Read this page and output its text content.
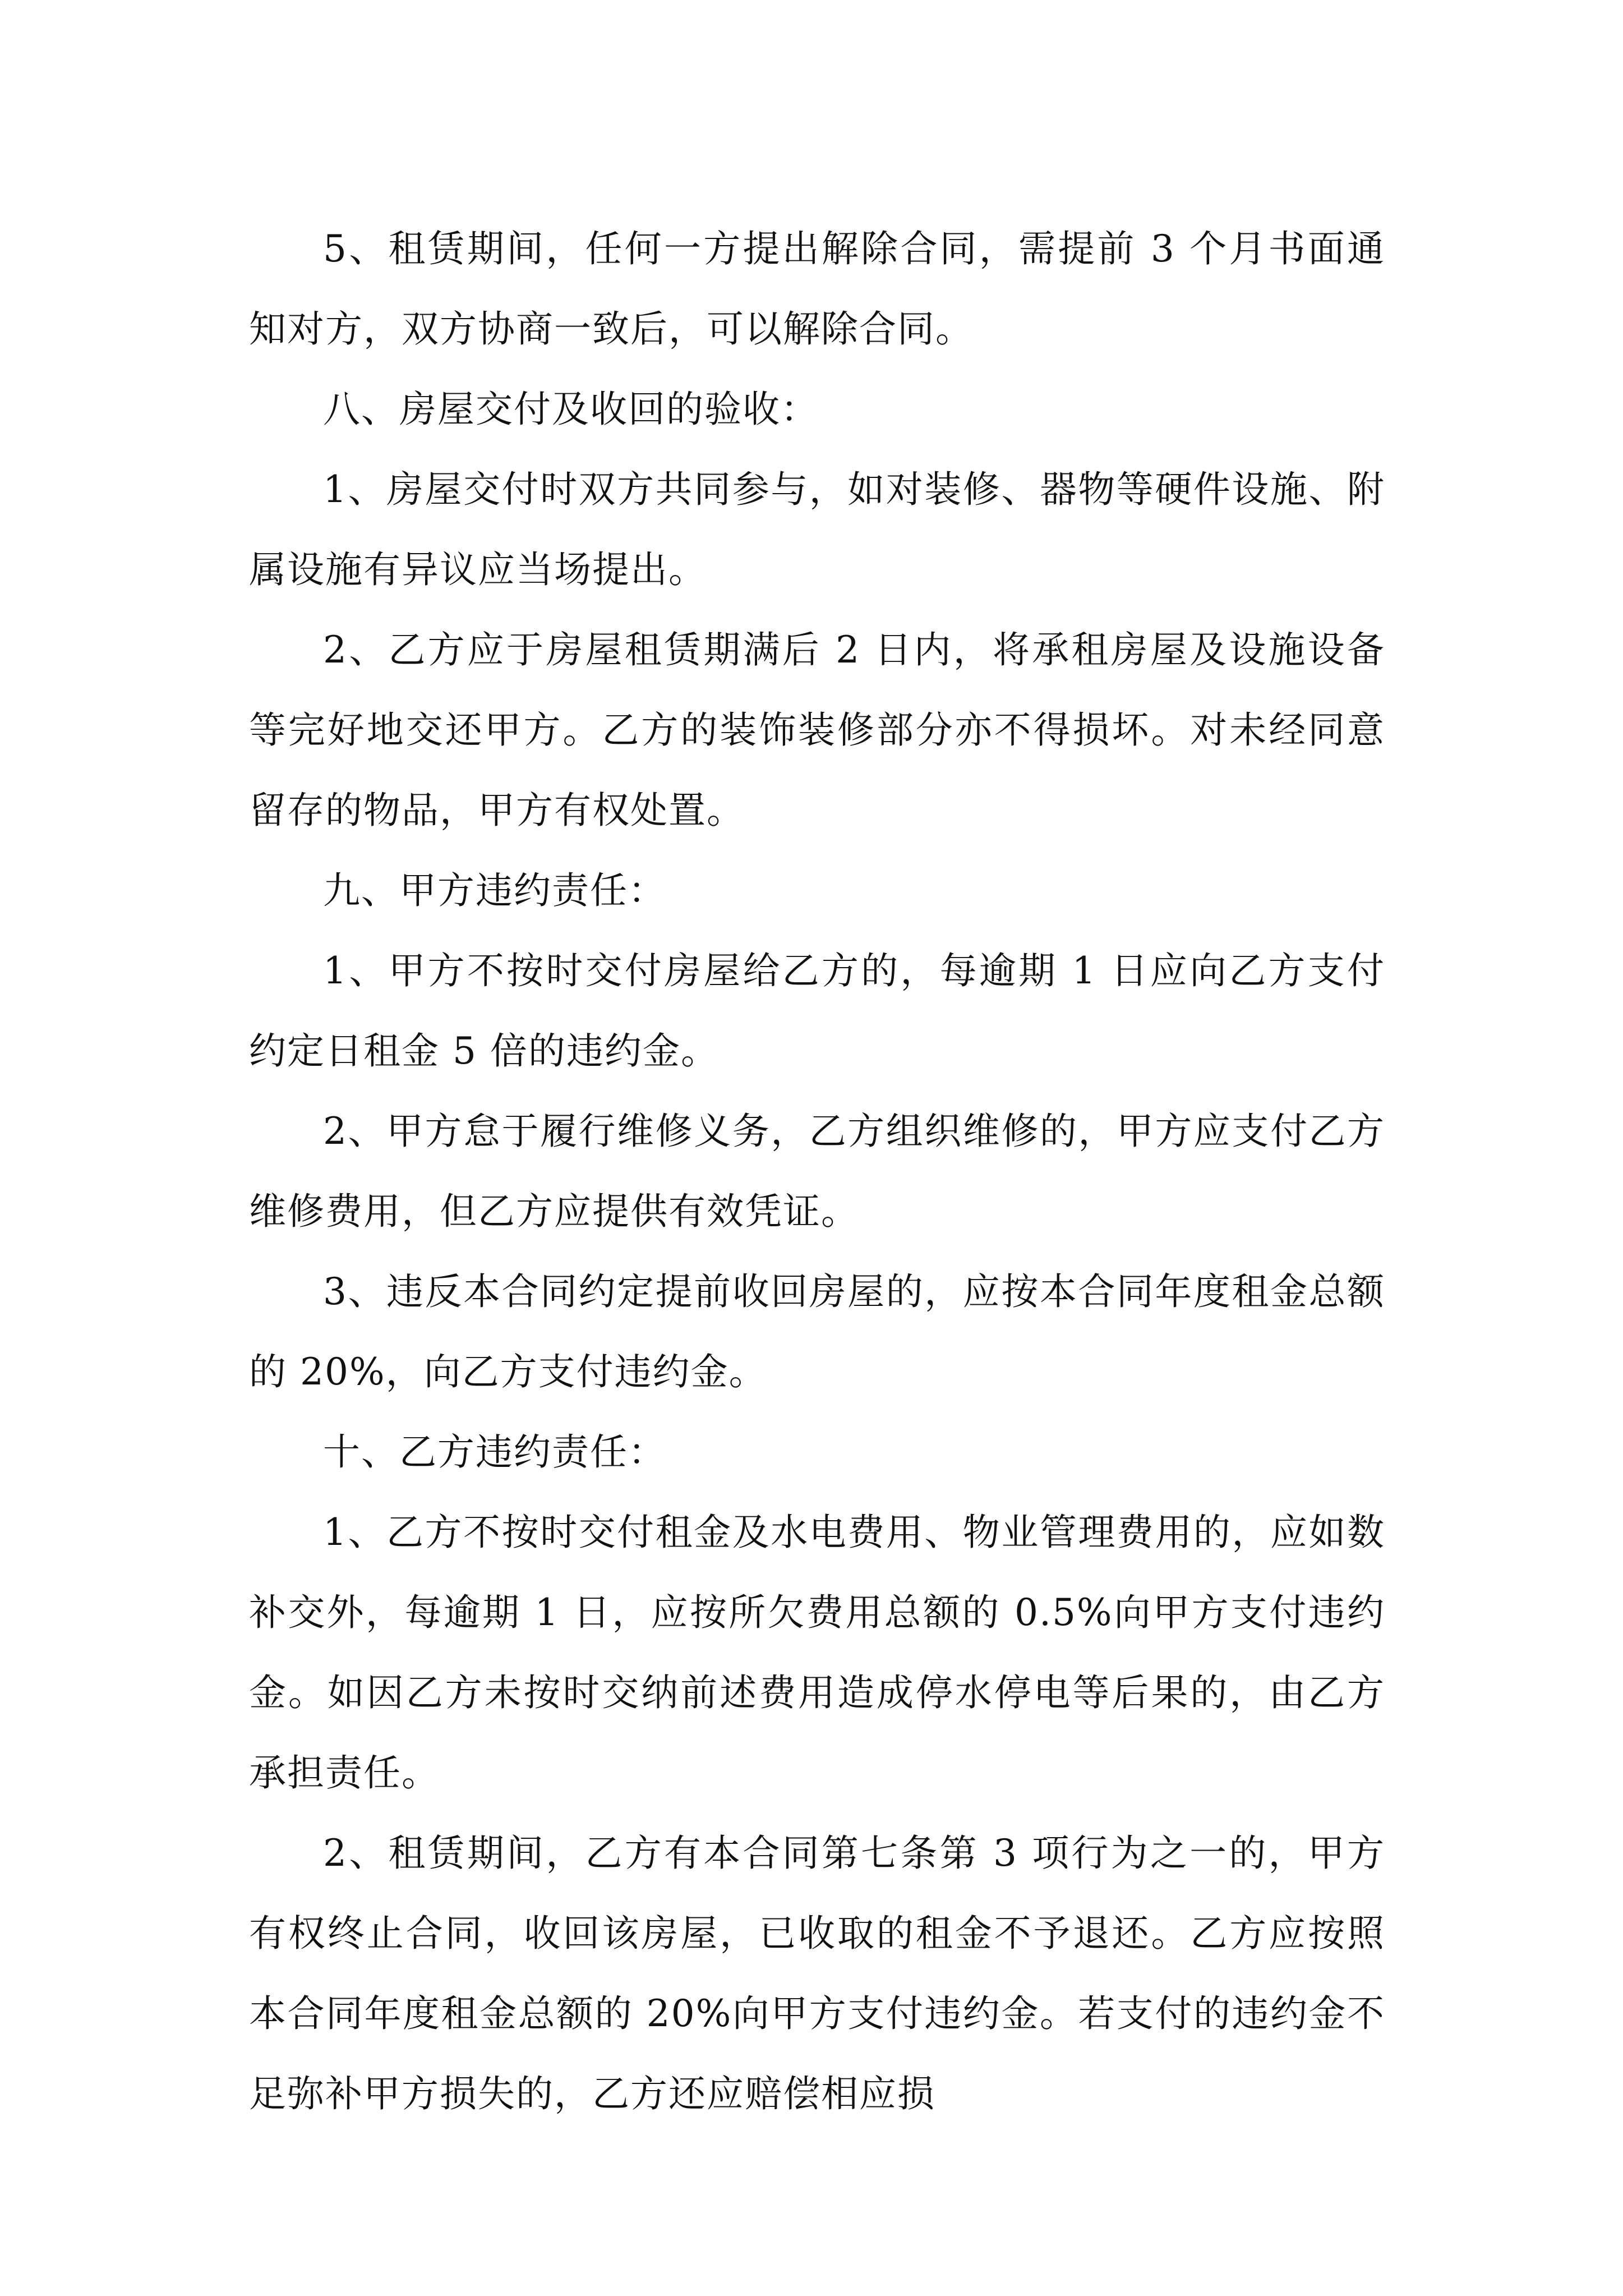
5、租赁期间，任何一方提出解除合同，需提前 3 个月书面通知对方，双方协商一致后，可以解除合同。

八、房屋交付及收回的验收：

1、房屋交付时双方共同参与，如对装修、器物等硬件设施、附属设施有异议应当场提出。

2、乙方应于房屋租赁期满后 2 日内，将承租房屋及设施设备等完好地交还甲方。乙方的装饰装修部分亦不得损坏。对未经同意留存的物品，甲方有权处置。

九、甲方违约责任：

1、甲方不按时交付房屋给乙方的，每逾期 1 日应向乙方支付约定日租金 5 倍的违约金。

2、甲方怠于履行维修义务，乙方组织维修的，甲方应支付乙方维修费用，但乙方应提供有效凭证。

3、违反本合同约定提前收回房屋的，应按本合同年度租金总额的 20%，向乙方支付违约金。

十、乙方违约责任：

1、乙方不按时交付租金及水电费用、物业管理费用的，应如数补交外，每逾期 1 日，应按所欠费用总额的 0.5%向甲方支付违约金。如因乙方未按时交纳前述费用造成停水停电等后果的，由乙方承担责任。

2、租赁期间，乙方有本合同第七条第 3 项行为之一的，甲方有权终止合同，收回该房屋，已收取的租金不予退还。乙方应按照本合同年度租金总额的 20%向甲方支付违约金。若支付的违约金不足弥补甲方损失的，乙方还应赔偿相应损
